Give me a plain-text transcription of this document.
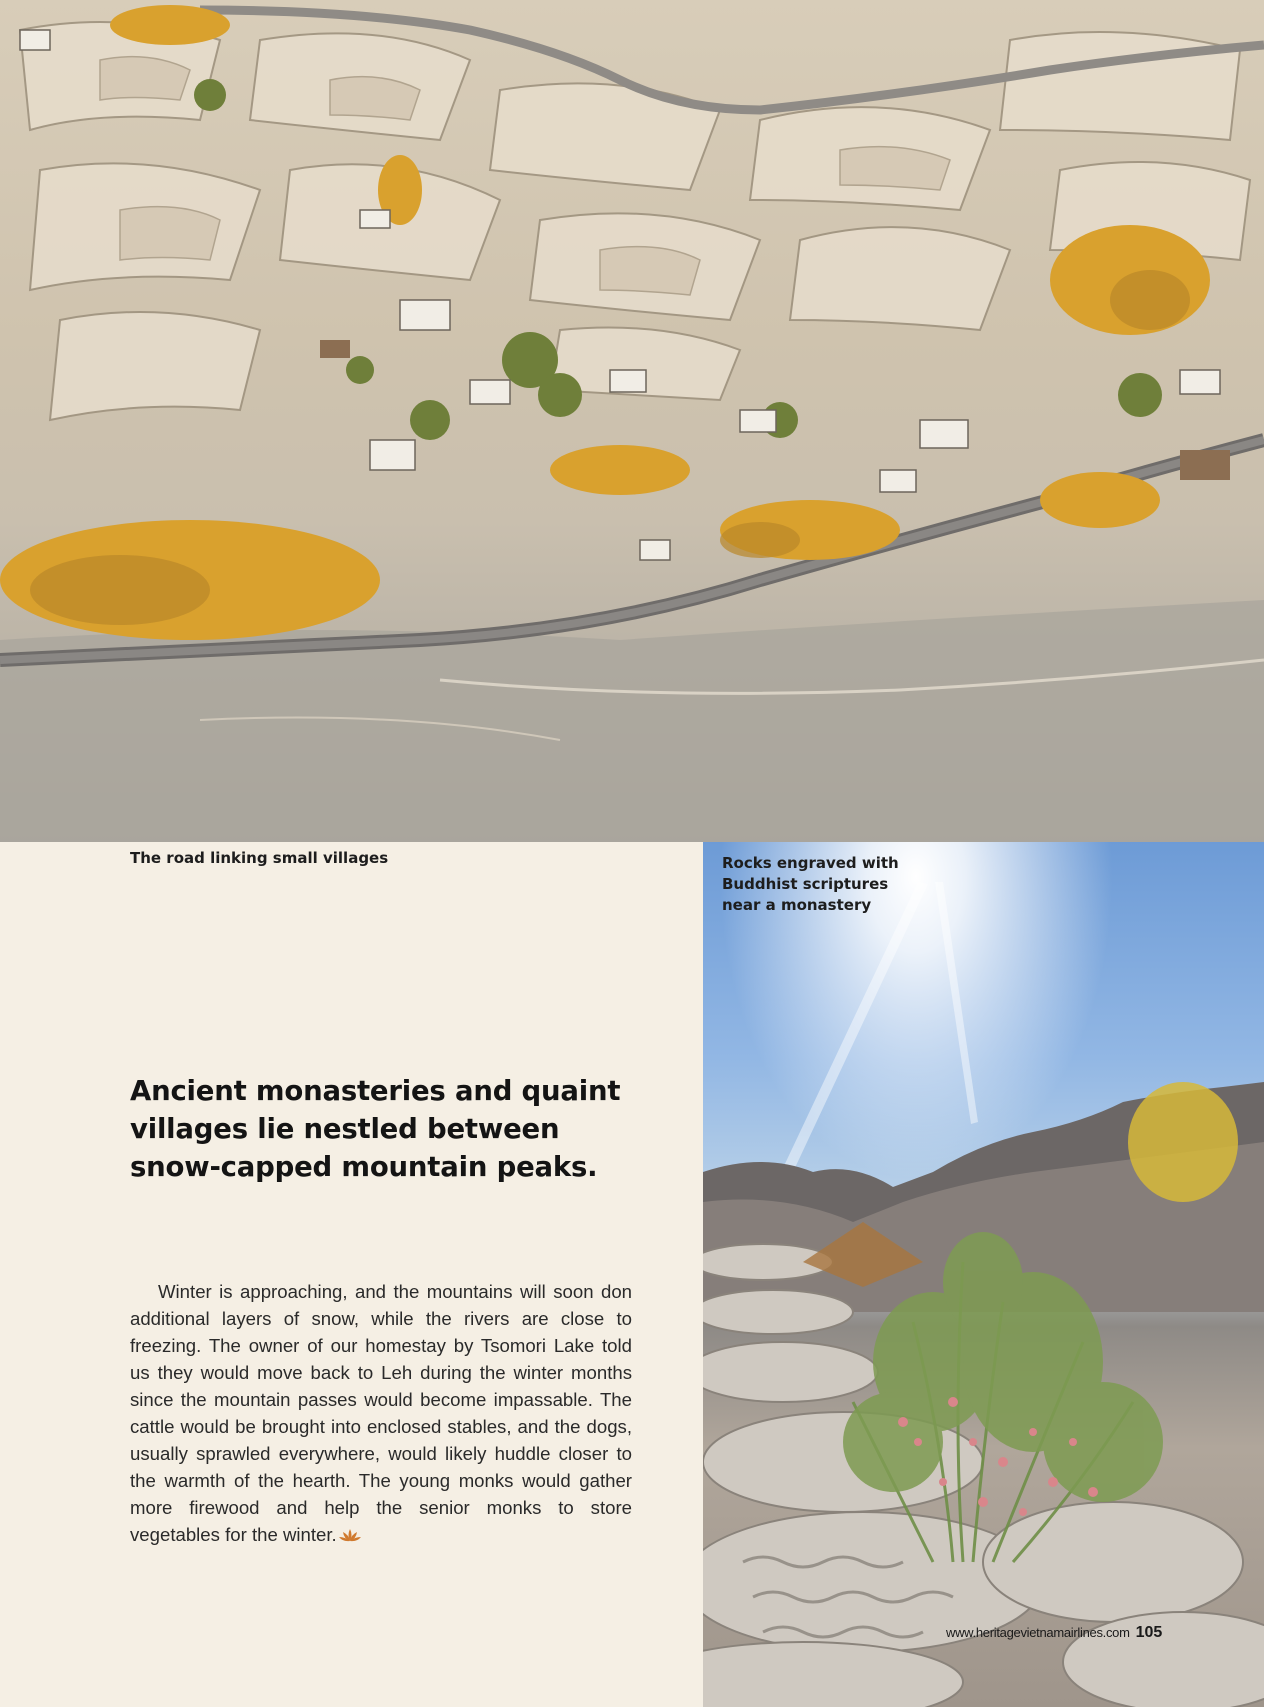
The road linking small villages	Rocks engraved with Buddhist scriptures near a monastery

Ancient monasteries and quaint villages lie nestled between snow-capped mountain peaks.

Winter is approaching, and the mountains will soon don additional layers of snow, while the rivers are close to freezing. The owner of our homestay by Tsomori Lake told us they would move back to Leh during the winter months since the mountain passes would become impassable. The cattle would be brought into enclosed stables, and the dogs, usually sprawled everywhere, would likely huddle closer to the warmth of the hearth. The young monks would gather more firewood and help the senior monks to store vegetables for the winter.

www.heritagevietnamairlines.com 105
